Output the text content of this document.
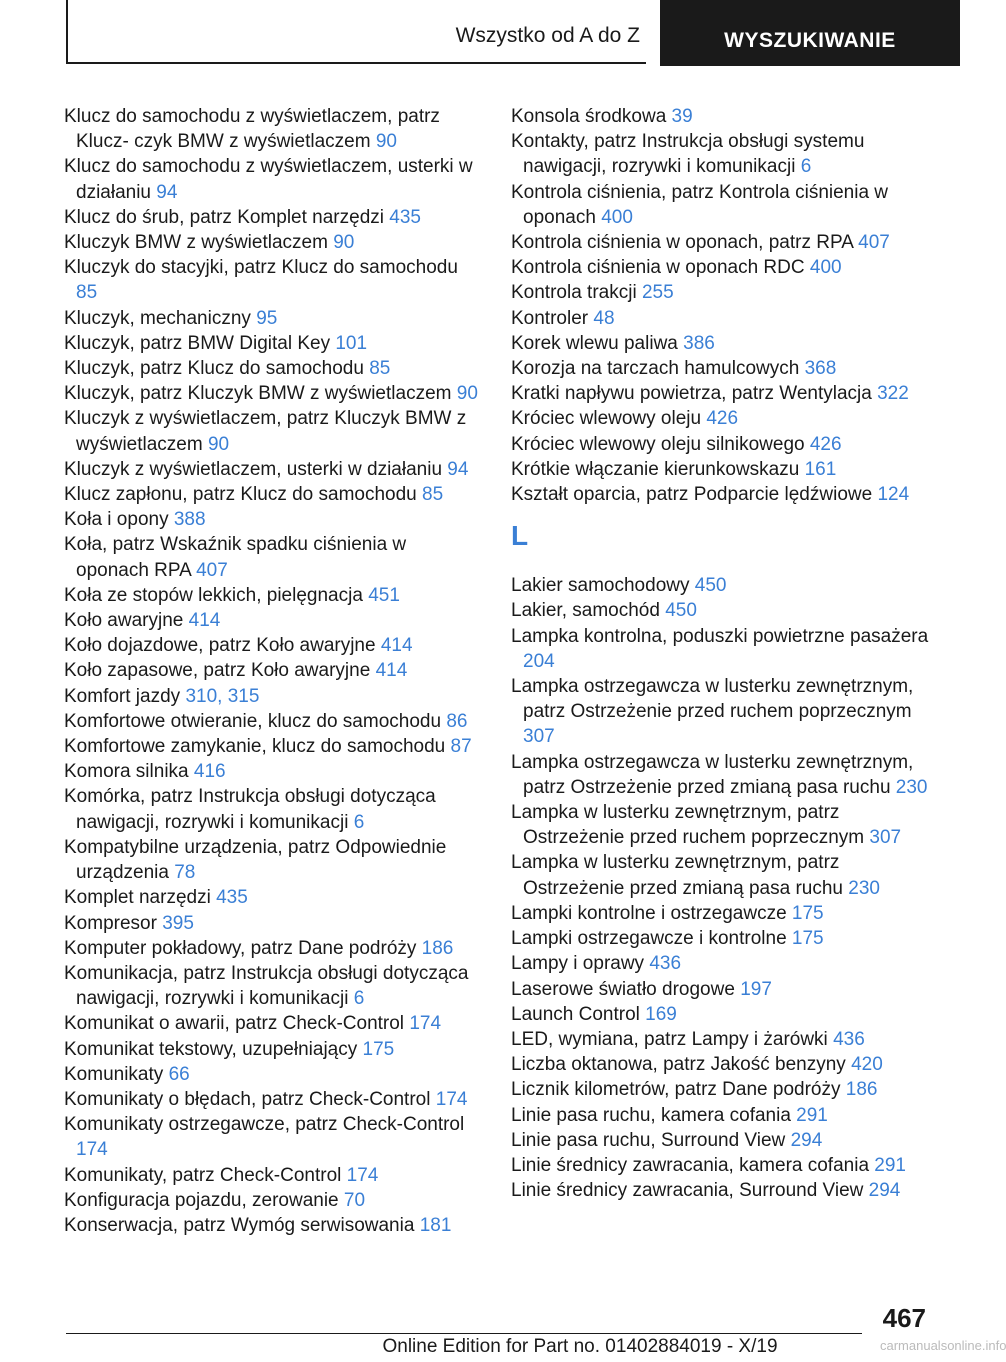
Wszystko od A do Z	WYSZUKIWANIE
Klucz do samochodu z wyświetlaczem, patrz Klucz- czyk BMW z wyświetlaczem 90
Klucz do samochodu z wyświetlaczem, usterki w działaniu 94
Klucz do śrub, patrz Komplet narzędzi 435
Kluczyk BMW z wyświetlaczem 90
Kluczyk do stacyjki, patrz Klucz do samochodu 85
Kluczyk, mechaniczny 95
Kluczyk, patrz BMW Digital Key 101
Kluczyk, patrz Klucz do samochodu 85
Kluczyk, patrz Kluczyk BMW z wyświetlaczem 90
Kluczyk z wyświetlaczem, patrz Kluczyk BMW z wyświetlaczem 90
Kluczyk z wyświetlaczem, usterki w działaniu 94
Klucz zapłonu, patrz Klucz do samochodu 85
Koła i opony 388
Koła, patrz Wskaźnik spadku ciśnienia w oponach RPA 407
Koła ze stopów lekkich, pielęgnacja 451
Koło awaryjne 414
Koło dojazdowe, patrz Koło awaryjne 414
Koło zapasowe, patrz Koło awaryjne 414
Komfort jazdy 310, 315
Komfortowe otwieranie, klucz do samochodu 86
Komfortowe zamykanie, klucz do samochodu 87
Komora silnika 416
Komórka, patrz Instrukcja obsługi dotycząca nawigacji, rozrywki i komunikacji 6
Kompatybilne urządzenia, patrz Odpowiednie urządzenia 78
Komplet narzędzi 435
Kompresor 395
Komputer pokładowy, patrz Dane podróży 186
Komunikacja, patrz Instrukcja obsługi dotycząca nawigacji, rozrywki i komunikacji 6
Komunikat o awarii, patrz Check-Control 174
Komunikat tekstowy, uzupełniający 175
Komunikaty 66
Komunikaty o błędach, patrz Check-Control 174
Komunikaty ostrzegawcze, patrz Check-Control 174
Komunikaty, patrz Check-Control 174
Konfiguracja pojazdu, zerowanie 70
Konserwacja, patrz Wymóg serwisowania 181
Konsola środkowa 39
Kontakty, patrz Instrukcja obsługi systemu nawigacji, rozrywki i komunikacji 6
Kontrola ciśnienia, patrz Kontrola ciśnienia w oponach 400
Kontrola ciśnienia w oponach, patrz RPA 407
Kontrola ciśnienia w oponach RDC 400
Kontrola trakcji 255
Kontroler 48
Korek wlewu paliwa 386
Korozja na tarczach hamulcowych 368
Kratki napływu powietrza, patrz Wentylacja 322
Króciec wlewowy oleju 426
Króciec wlewowy oleju silnikowego 426
Krótkie włączanie kierunkowskazu 161
Kształt oparcia, patrz Podparcie lędźwiowe 124
L
Lakier samochodowy 450
Lakier, samochód 450
Lampka kontrolna, poduszki powietrzne pasażera 204
Lampka ostrzegawcza w lusterku zewnętrznym, patrz Ostrzeżenie przed ruchem poprzecznym 307
Lampka ostrzegawcza w lusterku zewnętrznym, patrz Ostrzeżenie przed zmianą pasa ruchu 230
Lampka w lusterku zewnętrznym, patrz Ostrzeżenie przed ruchem poprzecznym 307
Lampka w lusterku zewnętrznym, patrz Ostrzeżenie przed zmianą pasa ruchu 230
Lampki kontrolne i ostrzegawcze 175
Lampki ostrzegawcze i kontrolne 175
Lampy i oprawy 436
Laserowe światło drogowe 197
Launch Control 169
LED, wymiana, patrz Lampy i żarówki 436
Liczba oktanowa, patrz Jakość benzyny 420
Licznik kilometrów, patrz Dane podróży 186
Linie pasa ruchu, kamera cofania 291
Linie pasa ruchu, Surround View 294
Linie średnicy zawracania, kamera cofania 291
Linie średnicy zawracania, Surround View 294
467
Online Edition for Part no. 01402884019 - X/19	carmanualsonline.info
